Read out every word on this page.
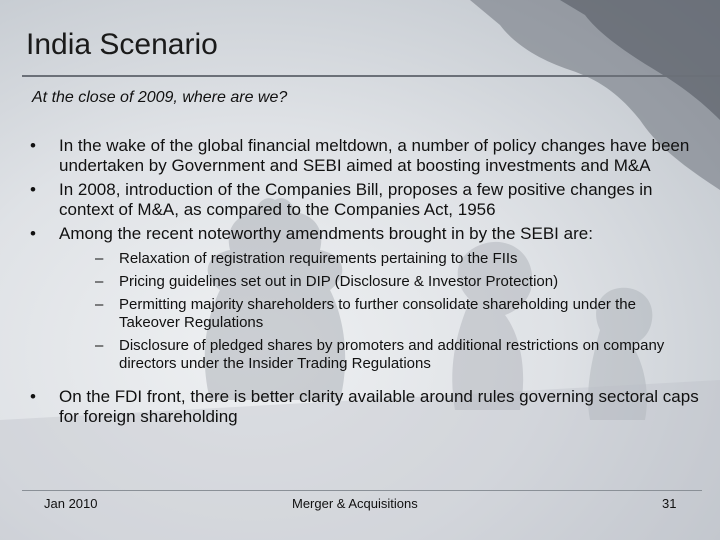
India Scenario
At the close of 2009, where are we?
• In the wake of the global financial meltdown, a number of policy changes have been undertaken by Government and SEBI aimed at boosting investments and M&A
• In 2008, introduction of the Companies Bill, proposes a few positive changes in context of M&A, as compared to the Companies Act, 1956
• Among the recent noteworthy amendments brought in by the SEBI are:
– Relaxation of registration requirements pertaining to the FIIs
– Pricing guidelines set out in DIP (Disclosure & Investor Protection)
– Permitting majority shareholders to further consolidate shareholding under the Takeover Regulations
– Disclosure of pledged shares by promoters and additional restrictions on company directors under the Insider Trading Regulations
• On the FDI front, there is better clarity available around rules governing sectoral caps for foreign shareholding
Jan 2010	Merger & Acquisitions	31
